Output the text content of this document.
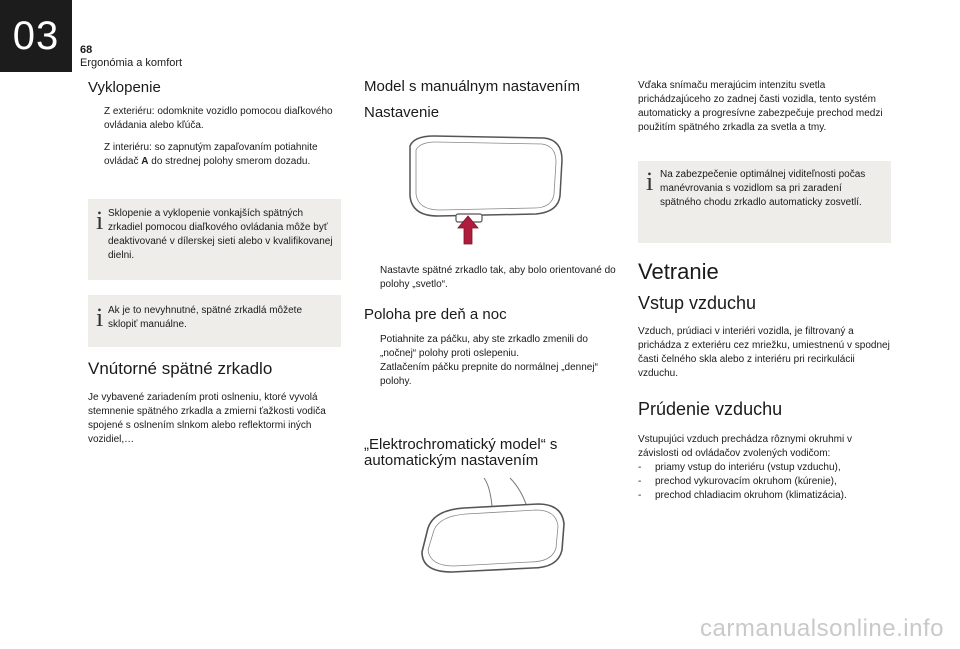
03 68
Ergonómia a komfort
Vyklopenie
Z exteriéru: odomknite vozidlo pomocou diaľkového ovládania alebo kľúča.
Z interiéru: so zapnutým zapaľovaním potiahnite ovládač A do strednej polohy smerom dozadu.
i Sklopenie a vyklopenie vonkajších spätných zrkadiel pomocou diaľkového ovládania môže byť deaktivované v dílerskej sieti alebo v kvalifikovanej dielni.
i Ak je to nevyhnutné, spätné zrkadlá môžete sklopiť manuálne.
Vnútorné spätné zrkadlo
Je vybavené zariadením proti oslneniu, ktoré vyvolá stemnenie spätného zrkadla a zmierni ťažkosti vodiča spojené s oslnením slnkom alebo reflektormi iných vozidiel,…
Model s manuálnym nastavením
Nastavenie
Nastavte spätné zrkadlo tak, aby bolo orientované do polohy „svetlo“.
Poloha pre deň a noc
Potiahnite za páčku, aby ste zrkadlo zmenili do „nočnej“ polohy proti oslepeniu.
Zatlačením páčku prepnite do normálnej „dennej“ polohy.
„Elektrochromatický model“ s
automatickým nastavením
Vďaka snímaču merajúcim intenzitu svetla prichádzajúceho zo zadnej časti vozidla, tento systém automaticky a progresívne zabezpečuje prechod medzi použitím spätného zrkadla za svetla a tmy.
i Na zabezpečenie optimálnej viditeľnosti počas manévrovania s vozidlom sa pri zaradení spätného chodu zrkadlo automaticky zosvetlí.
Vetranie
Vstup vzduchu
Vzduch, prúdiaci v interiéri vozidla, je filtrovaný a prichádza z exteriéru cez mriežku, umiestnenú v spodnej časti čelného skla alebo z interiéru pri recirkulácii vzduchu.
Prúdenie vzduchu
Vstupujúci vzduch prechádza rôznymi okruhmi v závislosti od ovládačov zvolených vodičom:
- priamy vstup do interiéru (vstup vzduchu),
- prechod vykurovacím okruhom (kúrenie),
- prechod chladiacim okruhom (klimatizácia).
carmanualsonline.info
